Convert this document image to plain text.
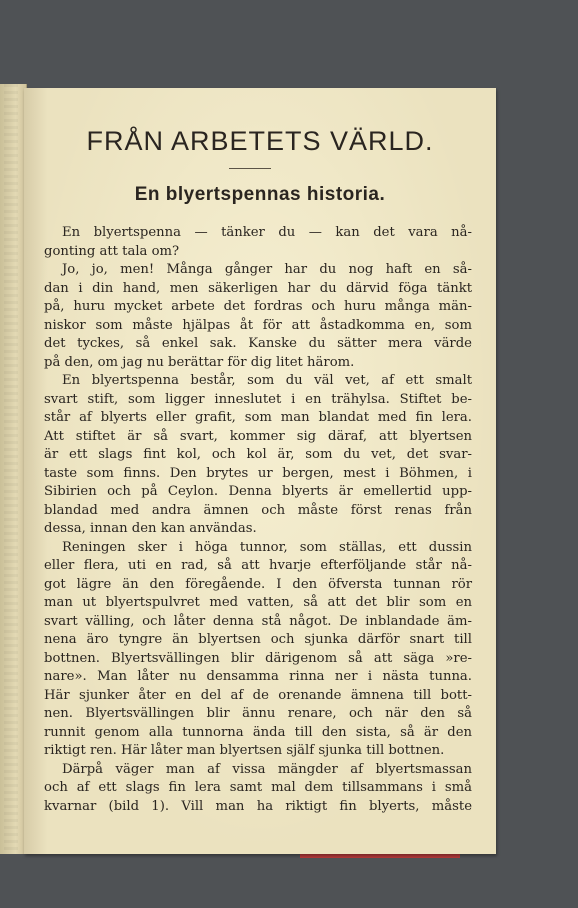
FRÅN ARBETETS VÄRLD.
En blyertspennas historia.
En blyertspenna — tänker du — kan det vara nå-
gonting att tala om?
Jo, jo, men! Många gånger har du nog haft en så-
dan i din hand, men säkerligen har du därvid föga tänkt
på, huru mycket arbete det fordras och huru många män-
niskor som måste hjälpas åt för att åstadkomma en, som
det tyckes, så enkel sak. Kanske du sätter mera värde
på den, om jag nu berättar för dig litet härom.
En blyertspenna består, som du väl vet, af ett smalt
svart stift, som ligger inneslutet i en trähylsa. Stiftet be-
står af blyerts eller grafit, som man blandat med fin lera.
Att stiftet är så svart, kommer sig däraf, att blyertsen
är ett slags fint kol, och kol är, som du vet, det svar-
taste som finns. Den brytes ur bergen, mest i Böhmen, i
Sibirien och på Ceylon. Denna blyerts är emellertid upp-
blandad med andra ämnen och måste först renas från
dessa, innan den kan användas.
Reningen sker i höga tunnor, som ställas, ett dussin
eller flera, uti en rad, så att hvarje efterföljande står nå-
got lägre än den föregående. I den öfversta tunnan rör
man ut blyertspulvret med vatten, så att det blir som en
svart välling, och låter denna stå något. De inblandade äm-
nena äro tyngre än blyertsen och sjunka därför snart till
bottnen. Blyertsvällingen blir därigenom så att säga »re-
nare». Man låter nu densamma rinna ner i nästa tunna.
Här sjunker åter en del af de orenande ämnena till bott-
nen. Blyertsvällingen blir ännu renare, och när den så
runnit genom alla tunnorna ända till den sista, så är den
riktigt ren. Här låter man blyertsen själf sjunka till bottnen.
Därpå väger man af vissa mängder af blyertsmassan
och af ett slags fin lera samt mal dem tillsammans i små
kvarnar (bild 1). Vill man ha riktigt fin blyerts, måste
